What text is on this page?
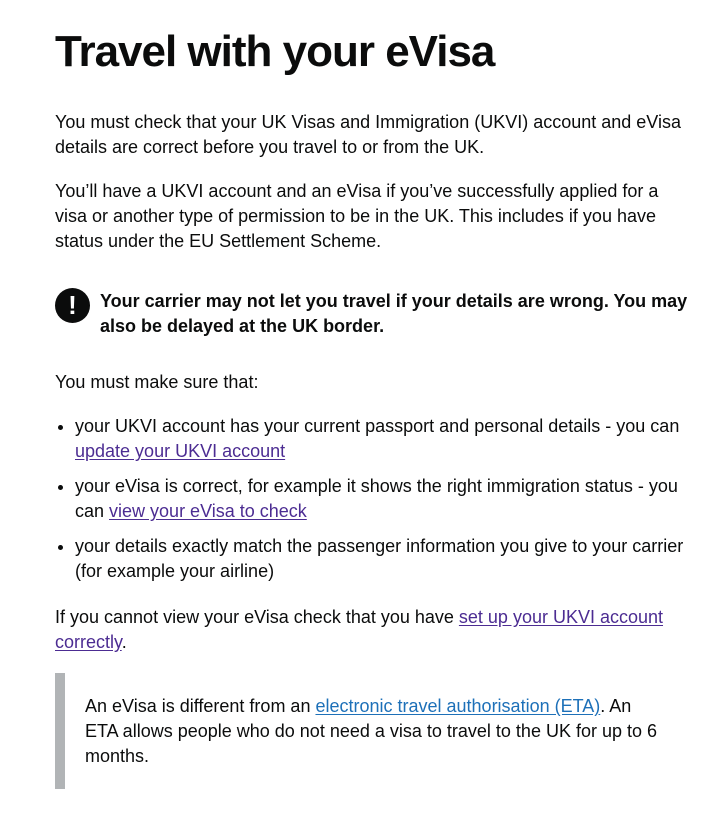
Travel with your eVisa

You must check that your UK Visas and Immigration (UKVI) account and eVisa details are correct before you travel to or from the UK.

You’ll have a UKVI account and an eVisa if you’ve successfully applied for a visa or another type of permission to be in the UK. This includes if you have status under the EU Settlement Scheme.

!	Your carrier may not let you travel if your details are wrong. You may also be delayed at the UK border.

You must make sure that:

your UKVI account has your current passport and personal details - you can update your UKVI account
your eVisa is correct, for example it shows the right immigration status - you can view your eVisa to check
your details exactly match the passenger information you give to your carrier (for example your airline)

If you cannot view your eVisa check that you have set up your UKVI account correctly.

An eVisa is different from an electronic travel authorisation (ETA). An ETA allows people who do not need a visa to travel to the UK for up to 6 months.
